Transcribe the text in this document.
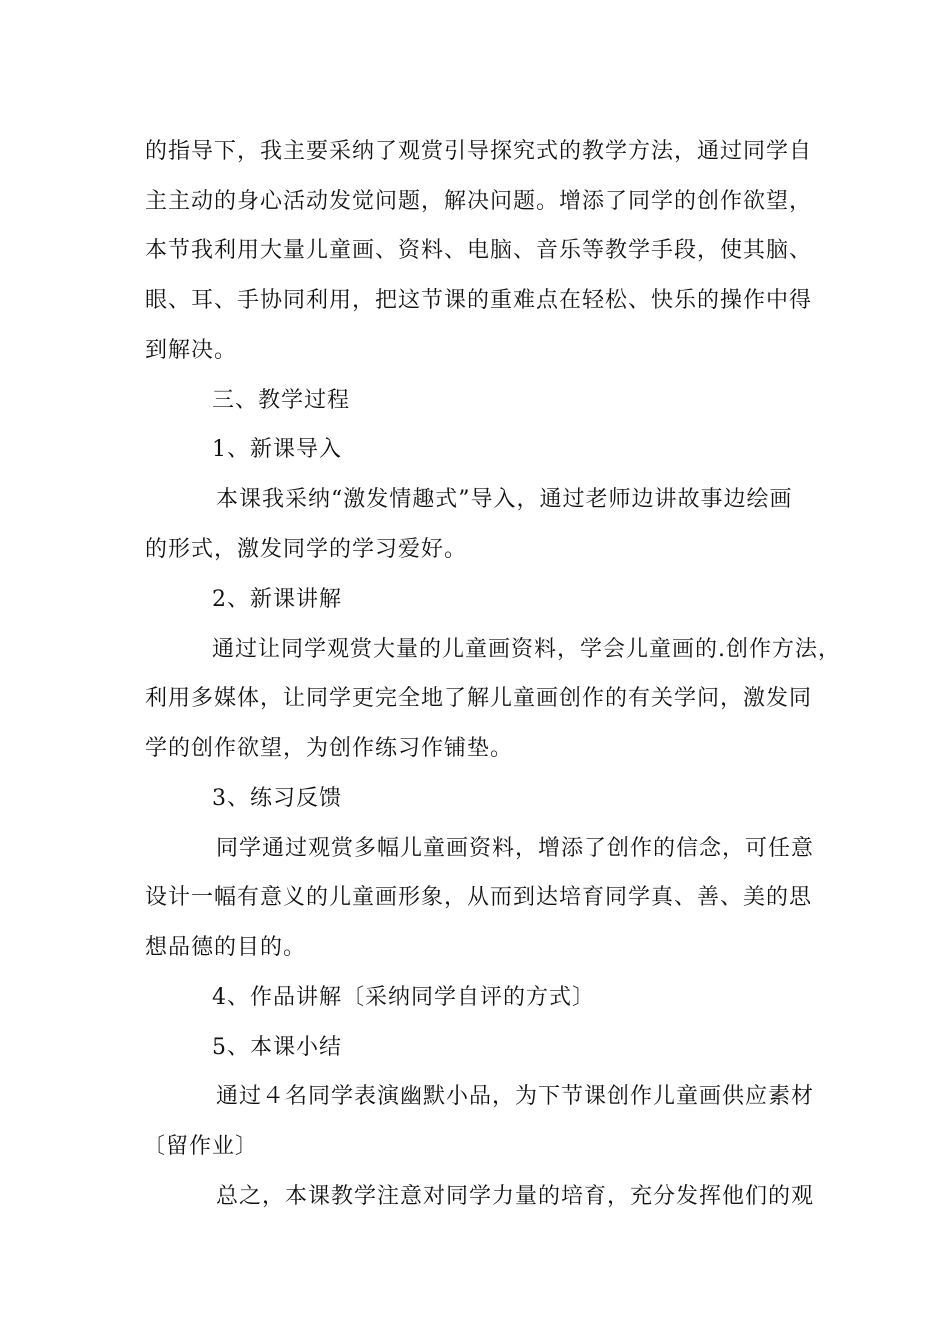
的指导下，我主要采纳了观赏引导探究式的教学方法，通过同学自
主主动的身心活动发觉问题，解决问题。增添了同学的创作欲望，
本节我利用大量儿童画、资料、电脑、音乐等教学手段，使其脑、
眼、耳、手协同利用，把这节课的重难点在轻松、快乐的操作中得
到解决。
三、教学过程
1、新课导入
本课我采纳“激发情趣式”导入，通过老师边讲故事边绘画
的形式，激发同学的学习爱好。
2、新课讲解
通过让同学观赏大量的儿童画资料，学会儿童画的.创作方法，
利用多媒体，让同学更完全地了解儿童画创作的有关学问，激发同
学的创作欲望，为创作练习作铺垫。
3、练习反馈
同学通过观赏多幅儿童画资料，增添了创作的信念，可任意
设计一幅有意义的儿童画形象，从而到达培育同学真、善、美的思
想品德的目的。
4、作品讲解〔采纳同学自评的方式〕
5、本课小结
通过４名同学表演幽默小品，为下节课创作儿童画供应素材
〔留作业〕
总之，本课教学注意对同学力量的培育，充分发挥他们的观
